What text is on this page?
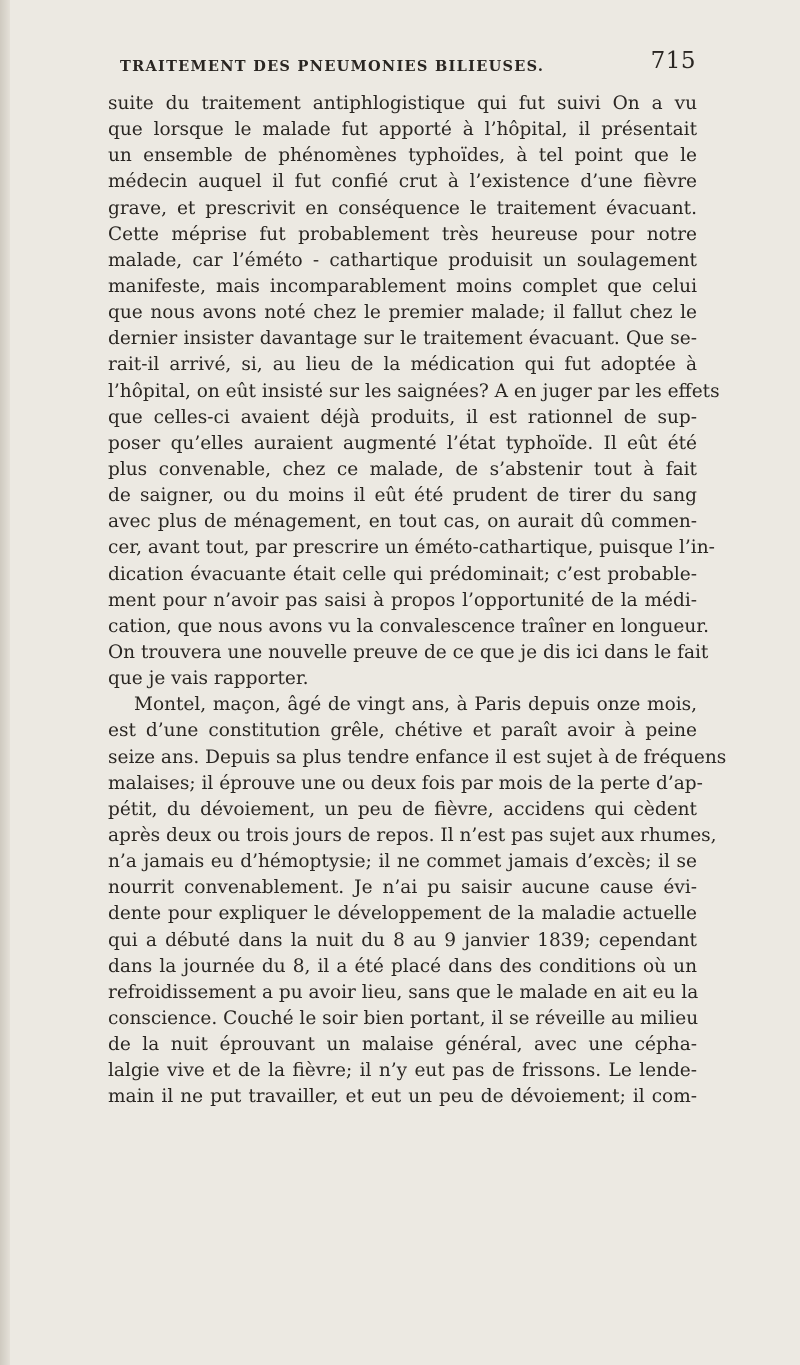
TRAITEMENT DES PNEUMONIES BILIEUSES.	715
suite du traitement antiphlogistique qui fut suivi On a vu
que lorsque le malade fut apporté à l’hôpital, il présentait
un ensemble de phénomènes typhoïdes, à tel point que le
médecin auquel il fut confié crut à l’existence d’une fièvre
grave, et prescrivit en conséquence le traitement évacuant.
Cette méprise fut probablement très heureuse pour notre
malade, car l’éméto - cathartique produisit un soulagement
manifeste, mais incomparablement moins complet que celui
que nous avons noté chez le premier malade; il fallut chez le
dernier insister davantage sur le traitement évacuant. Que se-
rait-il arrivé, si, au lieu de la médication qui fut adoptée à
l’hôpital, on eût insisté sur les saignées? A en juger par les effets
que celles-ci avaient déjà produits, il est rationnel de sup-
poser qu’elles auraient augmenté l’état typhoïde. Il eût été
plus convenable, chez ce malade, de s’abstenir tout à fait
de saigner, ou du moins il eût été prudent de tirer du sang
avec plus de ménagement, en tout cas, on aurait dû commen-
cer, avant tout, par prescrire un éméto-cathartique, puisque l’in-
dication évacuante était celle qui prédominait; c’est probable-
ment pour n’avoir pas saisi à propos l’opportunité de la médi-
cation, que nous avons vu la convalescence traîner en longueur.
On trouvera une nouvelle preuve de ce que je dis ici dans le fait
que je vais rapporter.
Montel, maçon, âgé de vingt ans, à Paris depuis onze mois,
est d’une constitution grêle, chétive et paraît avoir à peine
seize ans. Depuis sa plus tendre enfance il est sujet à de fréquens
malaises; il éprouve une ou deux fois par mois de la perte d’ap-
pétit, du dévoiement, un peu de fièvre, accidens qui cèdent
après deux ou trois jours de repos. Il n’est pas sujet aux rhumes,
n’a jamais eu d’hémoptysie; il ne commet jamais d’excès; il se
nourrit convenablement. Je n’ai pu saisir aucune cause évi-
dente pour expliquer le développement de la maladie actuelle
qui a débuté dans la nuit du 8 au 9 janvier 1839; cependant
dans la journée du 8, il a été placé dans des conditions où un
refroidissement a pu avoir lieu, sans que le malade en ait eu la
conscience. Couché le soir bien portant, il se réveille au milieu
de la nuit éprouvant un malaise général, avec une cépha-
lalgie vive et de la fièvre; il n’y eut pas de frissons. Le lende-
main il ne put travailler, et eut un peu de dévoiement; il com-
